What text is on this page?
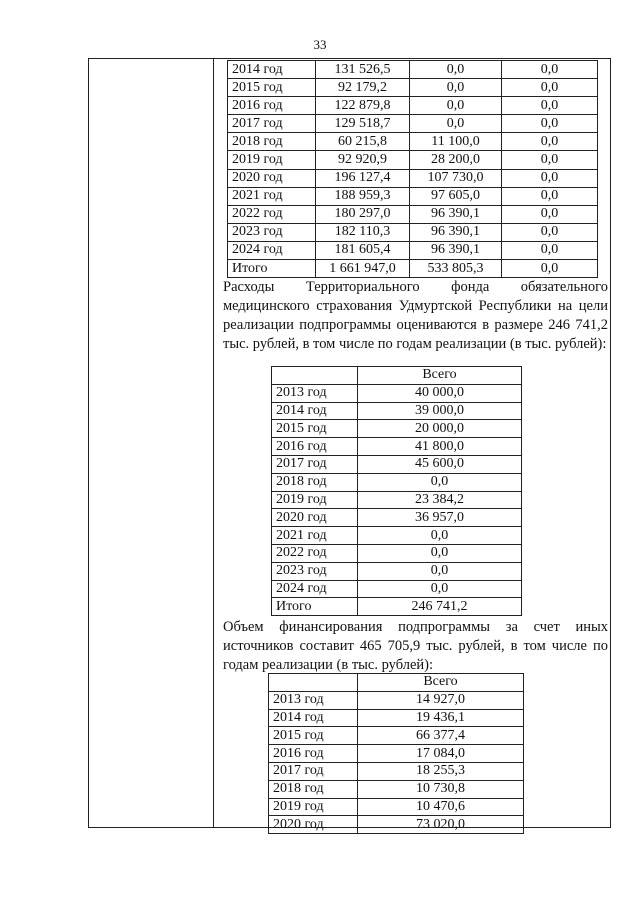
33
2014 год	131 526,5	0,0	0,0
2015 год	92 179,2	0,0	0,0
2016 год	122 879,8	0,0	0,0
2017 год	129 518,7	0,0	0,0
2018 год	60 215,8	11 100,0	0,0
2019 год	92 920,9	28 200,0	0,0
2020 год	196 127,4	107 730,0	0,0
2021 год	188 959,3	97 605,0	0,0
2022 год	180 297,0	96 390,1	0,0
2023 год	182 110,3	96 390,1	0,0
2024 год	181 605,4	96 390,1	0,0
Итого	1 661 947,0	533 805,3	0,0
Расходы Территориального фонда обязательного медицинского страхования Удмуртской Республики на цели реализации подпрограммы оцениваются в размере 246 741,2 тыс. рублей, в том числе по годам реализации (в тыс. рублей):
	Всего
2013 год	40 000,0
2014 год	39 000,0
2015 год	20 000,0
2016 год	41 800,0
2017 год	45 600,0
2018 год	0,0
2019 год	23 384,2
2020 год	36 957,0
2021 год	0,0
2022 год	0,0
2023 год	0,0
2024 год	0,0
Итого	246 741,2
Объем финансирования подпрограммы за счет иных источников составит 465 705,9 тыс. рублей, в том числе по годам реализации (в тыс. рублей):
	Всего
2013 год	14 927,0
2014 год	19 436,1
2015 год	66 377,4
2016 год	17 084,0
2017 год	18 255,3
2018 год	10 730,8
2019 год	10 470,6
2020 год	73 020,0
